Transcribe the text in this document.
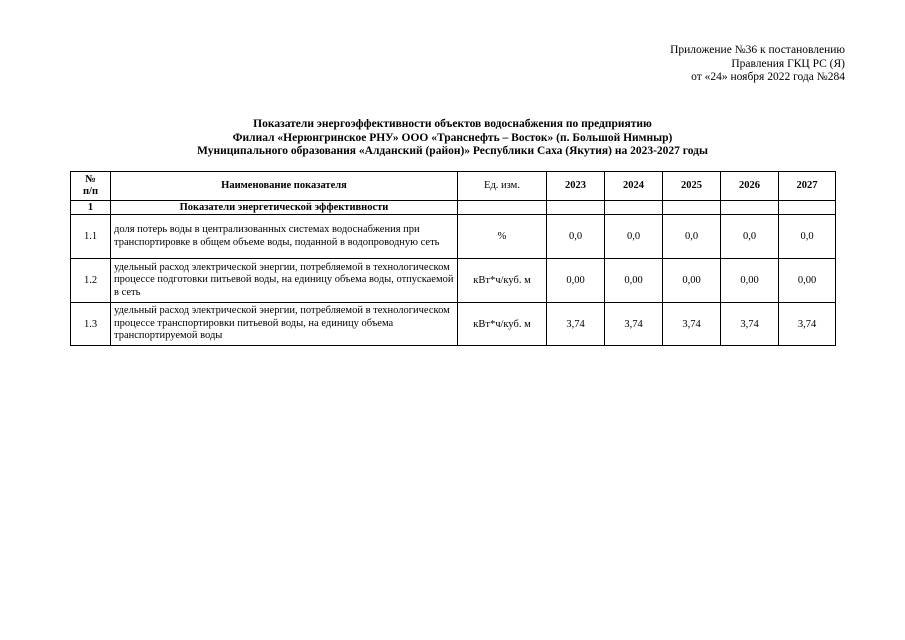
Приложение №36 к постановлению
Правления ГКЦ РС (Я)
от «24» ноября 2022 года №284
Показатели энергоэффективности объектов водоснабжения по предприятию
Филиал «Нерюнгринское РНУ» ООО «Транснефть – Восток» (п. Большой Нимныр)
Муниципального образования «Алданский (район)» Республики Саха (Якутия) на 2023-2027 годы
№
п/п	Наименование показателя	Ед. изм.	2023	2024	2025	2026	2027
1	Показатели энергетической эффективности						
1.1	доля потерь воды в централизованных системах водоснабжения при транспортировке в общем объеме воды, поданной в водопроводную сеть	%	0,0	0,0	0,0	0,0	0,0
1.2	удельный расход электрической энергии, потребляемой в технологическом процессе подготовки питьевой воды, на единицу объема воды, отпускаемой в сеть	кВт*ч/куб. м	0,00	0,00	0,00	0,00	0,00
1.3	удельный расход электрической энергии, потребляемой в технологическом процессе транспортировки питьевой воды, на единицу объема транспортируемой воды	кВт*ч/куб. м	3,74	3,74	3,74	3,74	3,74
